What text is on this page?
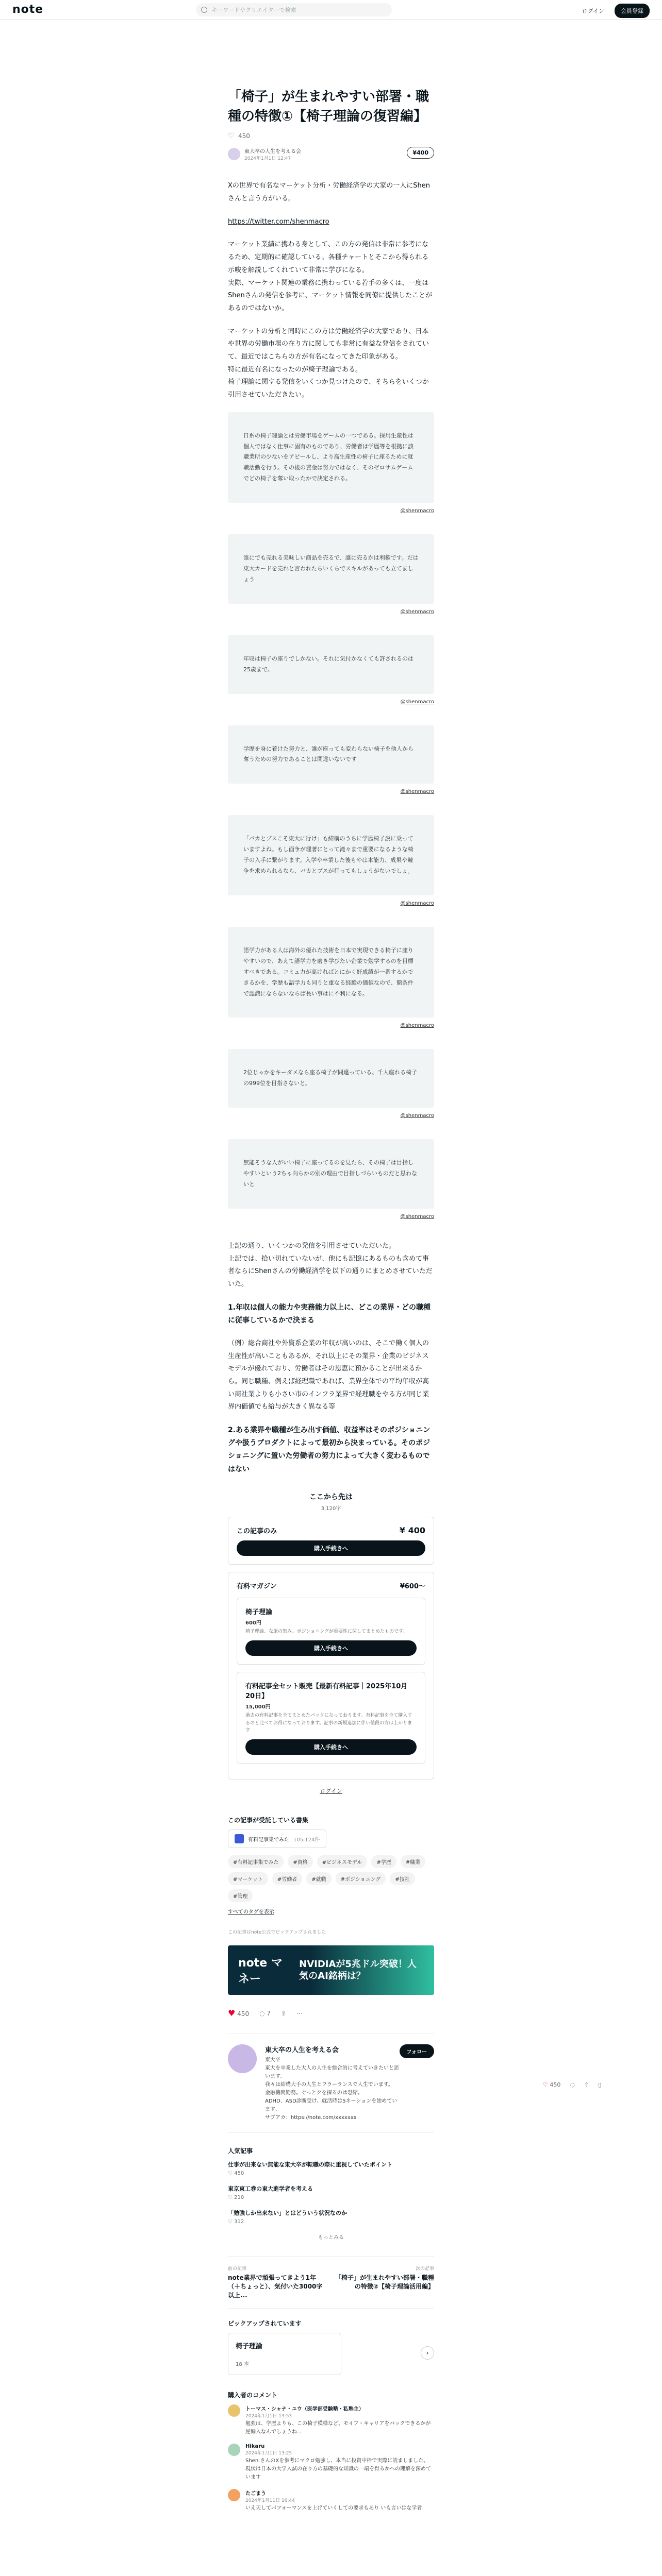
note	キーワードやクリエイターで検索	ログイン	会員登録
「椅子」が生まれやすい部署・職種の特徴①【椅子理論の復習編】
♡ 450
東大卒の人生を考える会
2024年1月1日 12:47
¥400

Xの世界で有名なマーケット分析・労働経済学の大家の一人にShenさんと言う方がいる。

https://twitter.com/shenmacro

マーケット業績に携わる身として、この方の発信は非常に参考になるため、定期的に確認している。各種チャートとそこから得られる示唆を解説してくれていて非常に学びになる。
実際、マーケット関連の業務に携わっている若手の多くは、一度はShenさんの発信を参考に、マーケット情報を同僚に提供したことがあるのではないか。

マーケットの分析と同時にこの方は労働経済学の大家であり、日本や世界の労働市場の在り方に関しても非常に有益な発信をされていて、最近ではこちらの方が有名になってきた印象がある。
特に最近有名になったのが椅子理論である。
椅子理論に関する発信をいくつか見つけたので、そちらをいくつか引用させていただきたい。

日系の椅子理論とは労働市場をゲームの一つである。採用生産性は個人ではなく仕事に固有のものであり、労働者は学歴等を根拠に該職業所の少ないをアピールし、より高生産性の椅子に座るために就職活動を行う。その後の賃金は努力ではなく、そのゼロサムゲームでどの椅子を奪い取ったかで決定される。
@shenmacro
誰にでも売れる美味しい商品を売るで、誰に売るかは利権です。だは東大カードを売れと言われたらいくらでスキルがあっても立てましょう
@shenmacro
年収は椅子の座りでしかない。それに気付かなくても許されるのは25歳まで。
@shenmacro
学歴を身に着けた努力と、誰が座っても変わらない椅子を他人から奪うための努力であることは間違いないです
@shenmacro
「バカとブスこそ東大に行け」も結構のうちに学歴椅子説に乗っていますよね。もし面争が理著にとって滝々まで重要になるような椅子の入手に繋がります。入学や卒業した後もやは本能力、成果や競争を求められるなら、バカとブスが行ってもしょうがないでしょ。
@shenmacro
語学力がある人は海外の優れた技術を日本で実現できる椅子に座りやすいので、あえて語学力を磨き学びたい企業で勉学するのを目標すべきである。コミュ力が高ければとにかく好成績が一番するかできるかを、学歴も語学力も同りと重なる経験の価値なので、簡条件で認識にならないならば長い事はに不利になる。
@shenmacro
2位じゃかをキーダメなら座る椅子が間違っている。千人座れる椅子の999位を目指さないと。
@shenmacro
無能そうな人がいい椅子に座ってるのを見たら、その椅子は目指しやすいという2ちゃ向らかの別の理由で目指しづらいものだと思わないと
@shenmacro

上記の通り、いくつかの発信を引用させていただいた。
上記では、拾い切れていないが、他にも記憶にあるものも含めて事者ならにShenさんの労働経済学を以下の通りにまとめさせていただいた。

1.年収は個人の能力や実務能力以上に、どこの業界・どの職種に従事しているかで決まる

（例）総合商社や外資系企業の年収が高いのは、そこで働く個人の生産性が高いこともあるが、それ以上にその業界・企業のビジネスモデルが優れており、労働者はその恩恵に預かることが出来るから。同じ職種、例えば経理職であれば、業界全体での平均年収が高い商社業よりも小さい市のインフラ業界で経理職をやる方が同じ業界内価値でも給与が大きく異なる等

2.ある業界や職種が生み出す価値、収益率はそのポジショニングや扱うプロダクトによって最初から決まっている。そのポジショニングに置いた労働者の努力によって大きく変わるものではない
ここから先は
3,120字
この記事のみ	¥ 400
購入手続きへ
有料マガジン	¥600〜
椅子理論
600円
椅子理論、な旅の集み。ポジショニングが重要性に関してまとめたものです。
購入手続きへ
有料記事全セット販売【最新有料記事｜2025年10月20日】
15,000円
過去の有料記事を全てまとめたパックになっております。有料記事を全て購入するのと比べてお得になっております。記事の新規追加に伴い値段の方は上がります
購入手続きへ
ログイン
この記事が受託している書集
有料記事集でみた 105,124件
#有料記事集でみた	#資格	#ビジネスモデル	#学歴	#職業
#マーケット	#労働者	#就職	#ポジショニング	#技社
#管理
すべてのタグを表示
この記事はnote公式でピックアップされました
note マネー
NVIDIAが5兆ドル突破！人気のAI銘柄は？
♥ 450 ◌ 7 ⇪ ⋯
東大卒の人生を考える会
東大卒
東大を卒業した大人の人生を総合的に考えていきたいと思います。
我々は結構大手の人生とフラーランスで人生でいます。
金融機関勤務。ぐっとクを探るのは恐縮。
ADHD、ASD診断受け、就活時は5ネーションを始めています。
サブアカ：https://note.com/xxxxxxx
フォロー
人気記事
仕事が出来ない無能な東大卒が転職の際に重視していたポイント
♡ 450
東京東工巻の東大進学者を考える
♡ 210
「勉強しか出来ない」とはどういう状況なのか
♡ 312
もっとみる
前の記事
note業界で頑張ってきよう1年（＋ちょっと）、気付いた3000字以上...
次の記事
「椅子」が生まれやすい部署・職種の特徴②【椅子理論活用編】
ピックアップされています
椅子理論
18 本
›
購入者のコメント
トーマス・シャナ・ユウ（医学部受験塾・私塾主）
2024年1月1日 13:53
勉強は、学歴よりも、この椅子模様など、モイフ・キャリアをパックできるかが逆輸入なんでしょうね...
Hikaru
2024年1月1日 13:25
Shen さんのXを参考にマクロ勉強し、本当に投資中枠で実際に読ましました。 現状は日本の大学入試の在り方の基礎的な知識の一端を得るかへの理解を深めています
たごまう
2024年1月11日 16:44
いえ天してパフォーマンスを上げていくしての要求もあり いも言いはな学者
♡ 450 ◌ ⇪ ▯
